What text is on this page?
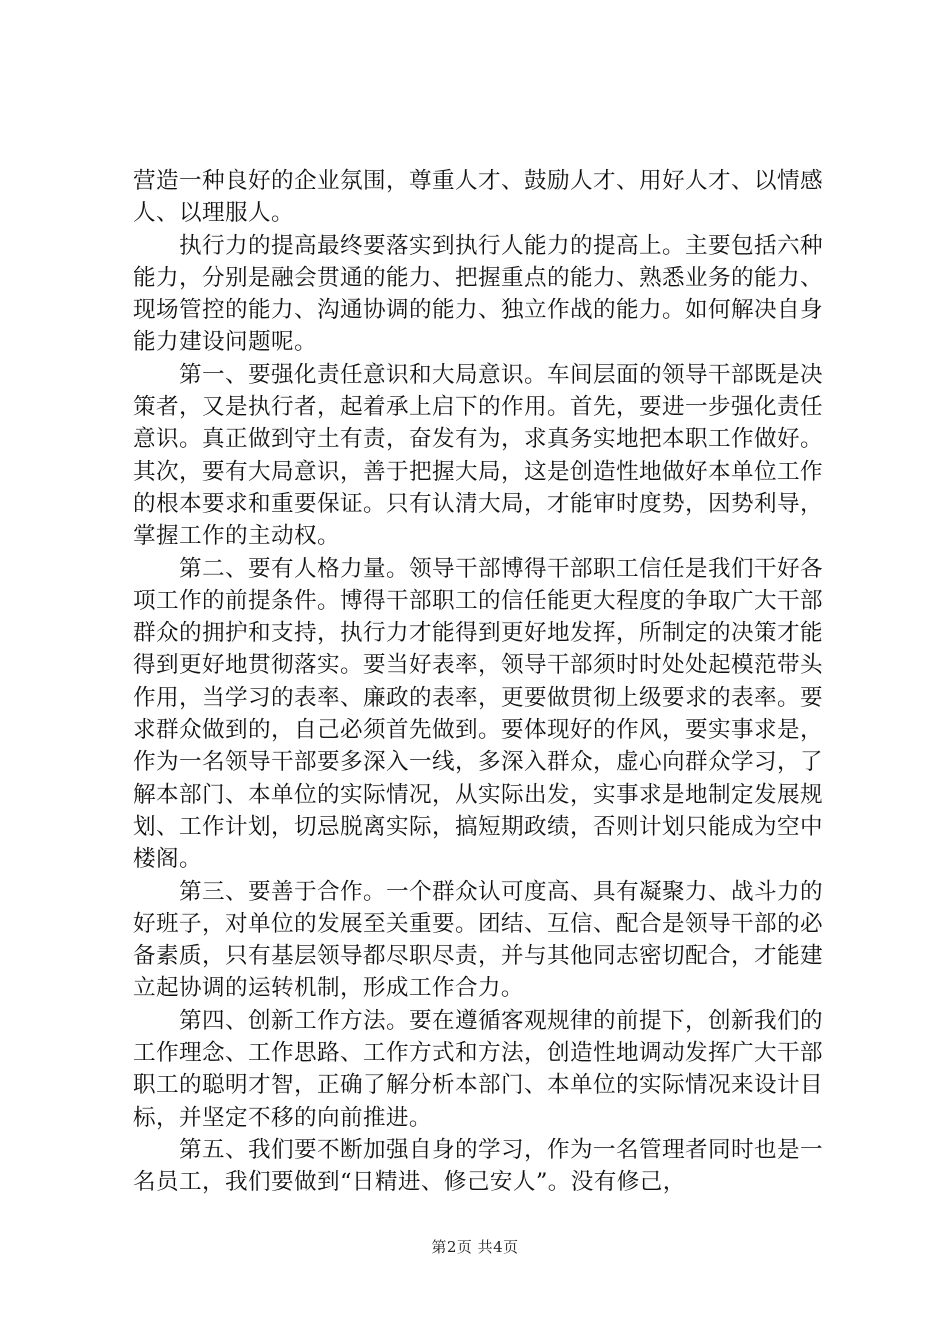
营造一种良好的企业氛围，尊重人才、鼓励人才、用好人才、以情感人、以理服人。

执行力的提高最终要落实到执行人能力的提高上。主要包括六种能力，分别是融会贯通的能力、把握重点的能力、熟悉业务的能力、现场管控的能力、沟通协调的能力、独立作战的能力。如何解决自身能力建设问题呢。

第一、要强化责任意识和大局意识。车间层面的领导干部既是决策者，又是执行者，起着承上启下的作用。首先，要进一步强化责任意识。真正做到守土有责，奋发有为，求真务实地把本职工作做好。其次，要有大局意识，善于把握大局，这是创造性地做好本单位工作的根本要求和重要保证。只有认清大局，才能审时度势，因势利导，掌握工作的主动权。

第二、要有人格力量。领导干部博得干部职工信任是我们干好各项工作的前提条件。博得干部职工的信任能更大程度的争取广大干部群众的拥护和支持，执行力才能得到更好地发挥，所制定的决策才能得到更好地贯彻落实。要当好表率，领导干部须时时处处起模范带头作用，当学习的表率、廉政的表率，更要做贯彻上级要求的表率。要求群众做到的，自己必须首先做到。要体现好的作风，要实事求是，作为一名领导干部要多深入一线，多深入群众，虚心向群众学习，了解本部门、本单位的实际情况，从实际出发，实事求是地制定发展规划、工作计划，切忌脱离实际，搞短期政绩，否则计划只能成为空中楼阁。

第三、要善于合作。一个群众认可度高、具有凝聚力、战斗力的好班子，对单位的发展至关重要。团结、互信、配合是领导干部的必备素质，只有基层领导都尽职尽责，并与其他同志密切配合，才能建立起协调的运转机制，形成工作合力。

第四、创新工作方法。要在遵循客观规律的前提下，创新我们的工作理念、工作思路、工作方式和方法，创造性地调动发挥广大干部职工的聪明才智，正确了解分析本部门、本单位的实际情况来设计目标，并坚定不移的向前推进。

第五、我们要不断加强自身的学习，作为一名管理者同时也是一名员工，我们要做到“日精进、修己安人”。没有修己，

第2页 共4页
